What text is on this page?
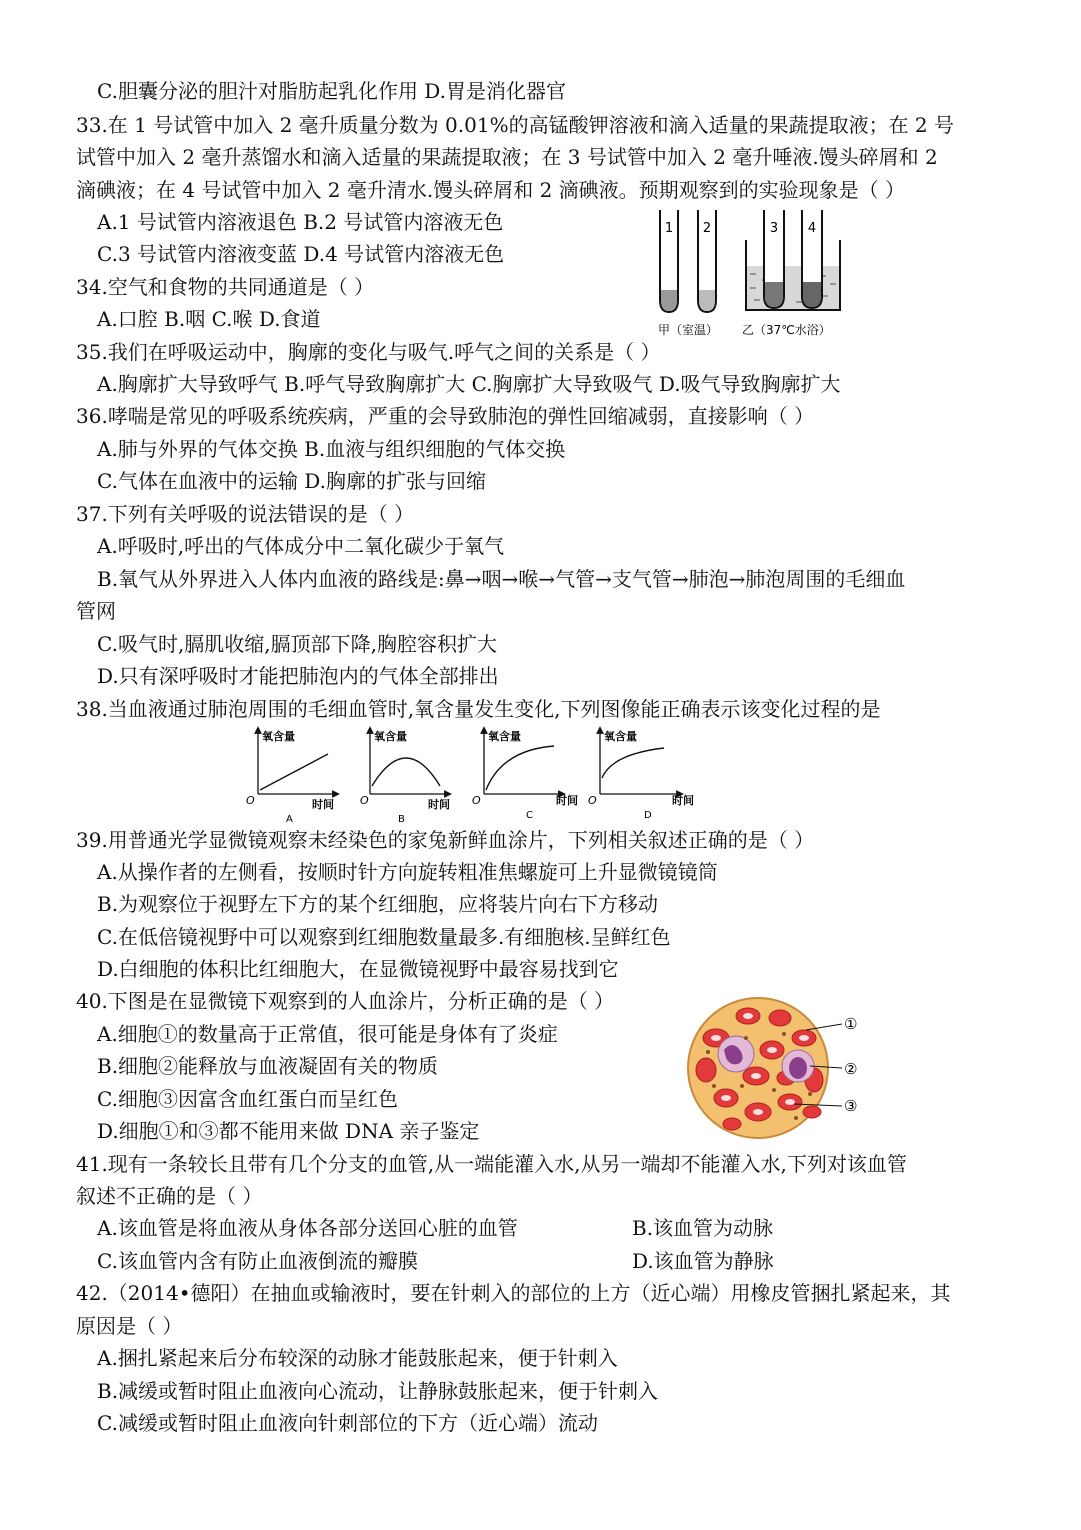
C.胆囊分泌的胆汁对脂肪起乳化作用 D.胃是消化器官
33.在 1 号试管中加入 2 毫升质量分数为 0.01%的高锰酸钾溶液和滴入适量的果蔬提取液；在 2 号
试管中加入 2 毫升蒸馏水和滴入适量的果蔬提取液；在 3 号试管中加入 2 毫升唾液.馒头碎屑和 2
滴碘液；在 4 号试管中加入 2 毫升清水.馒头碎屑和 2 滴碘液。预期观察到的实验现象是（ ）
A.1 号试管内溶液退色 B.2 号试管内溶液无色
C.3 号试管内溶液变蓝 D.4 号试管内溶液无色
34.空气和食物的共同通道是（ ）
A.口腔 B.咽 C.喉 D.食道
35.我们在呼吸运动中，胸廓的变化与吸气.呼气之间的关系是（ ）
A.胸廓扩大导致呼气 B.呼气导致胸廓扩大 C.胸廓扩大导致吸气 D.吸气导致胸廓扩大
36.哮喘是常见的呼吸系统疾病，严重的会导致肺泡的弹性回缩减弱，直接影响（ ）
A.肺与外界的气体交换 B.血液与组织细胞的气体交换
C.气体在血液中的运输 D.胸廓的扩张与回缩
37.下列有关呼吸的说法错误的是（ ）
A.呼吸时,呼出的气体成分中二氧化碳少于氧气
B.氧气从外界进入人体内血液的路线是:鼻→咽→喉→气管→支气管→肺泡→肺泡周围的毛细血
管网
C.吸气时,膈肌收缩,膈顶部下降,胸腔容积扩大
D.只有深呼吸时才能把肺泡内的气体全部排出
38.当血液通过肺泡周围的毛细血管时,氧含量发生变化,下列图像能正确表示该变化过程的是
39.用普通光学显微镜观察未经染色的家兔新鲜血涂片，下列相关叙述正确的是（ ）
A.从操作者的左侧看，按顺时针方向旋转粗准焦螺旋可上升显微镜镜筒
B.为观察位于视野左下方的某个红细胞，应将装片向右下方移动
C.在低倍镜视野中可以观察到红细胞数量最多.有细胞核.呈鲜红色
D.白细胞的体积比红细胞大，在显微镜视野中最容易找到它
40.下图是在显微镜下观察到的人血涂片，分析正确的是（ ）
A.细胞①的数量高于正常值，很可能是身体有了炎症
B.细胞②能释放与血液凝固有关的物质
C.细胞③因富含血红蛋白而呈红色
D.细胞①和③都不能用来做 DNA 亲子鉴定
41.现有一条较长且带有几个分支的血管,从一端能灌入水,从另一端却不能灌入水,下列对该血管
叙述不正确的是（ ）
A.该血管是将血液从身体各部分送回心脏的血管	B.该血管为动脉
C.该血管内含有防止血液倒流的瓣膜	D.该血管为静脉
42.（2014•德阳）在抽血或输液时，要在针刺入的部位的上方（近心端）用橡皮管捆扎紧起来，其
原因是（ ）
A.捆扎紧起来后分布较深的动脉才能鼓胀起来，便于针刺入
B.减缓或暂时阻止血液向心流动，让静脉鼓胀起来，便于针刺入
C.减缓或暂时阻止血液向针刺部位的下方（近心端）流动
1 2	3 4
甲（室温） 乙（37℃水浴）
氧含量
O	时间
A
氧含量
O	时间
B
氧含量
O	时间
C
氧含量
O	时间
D
①
②
③
